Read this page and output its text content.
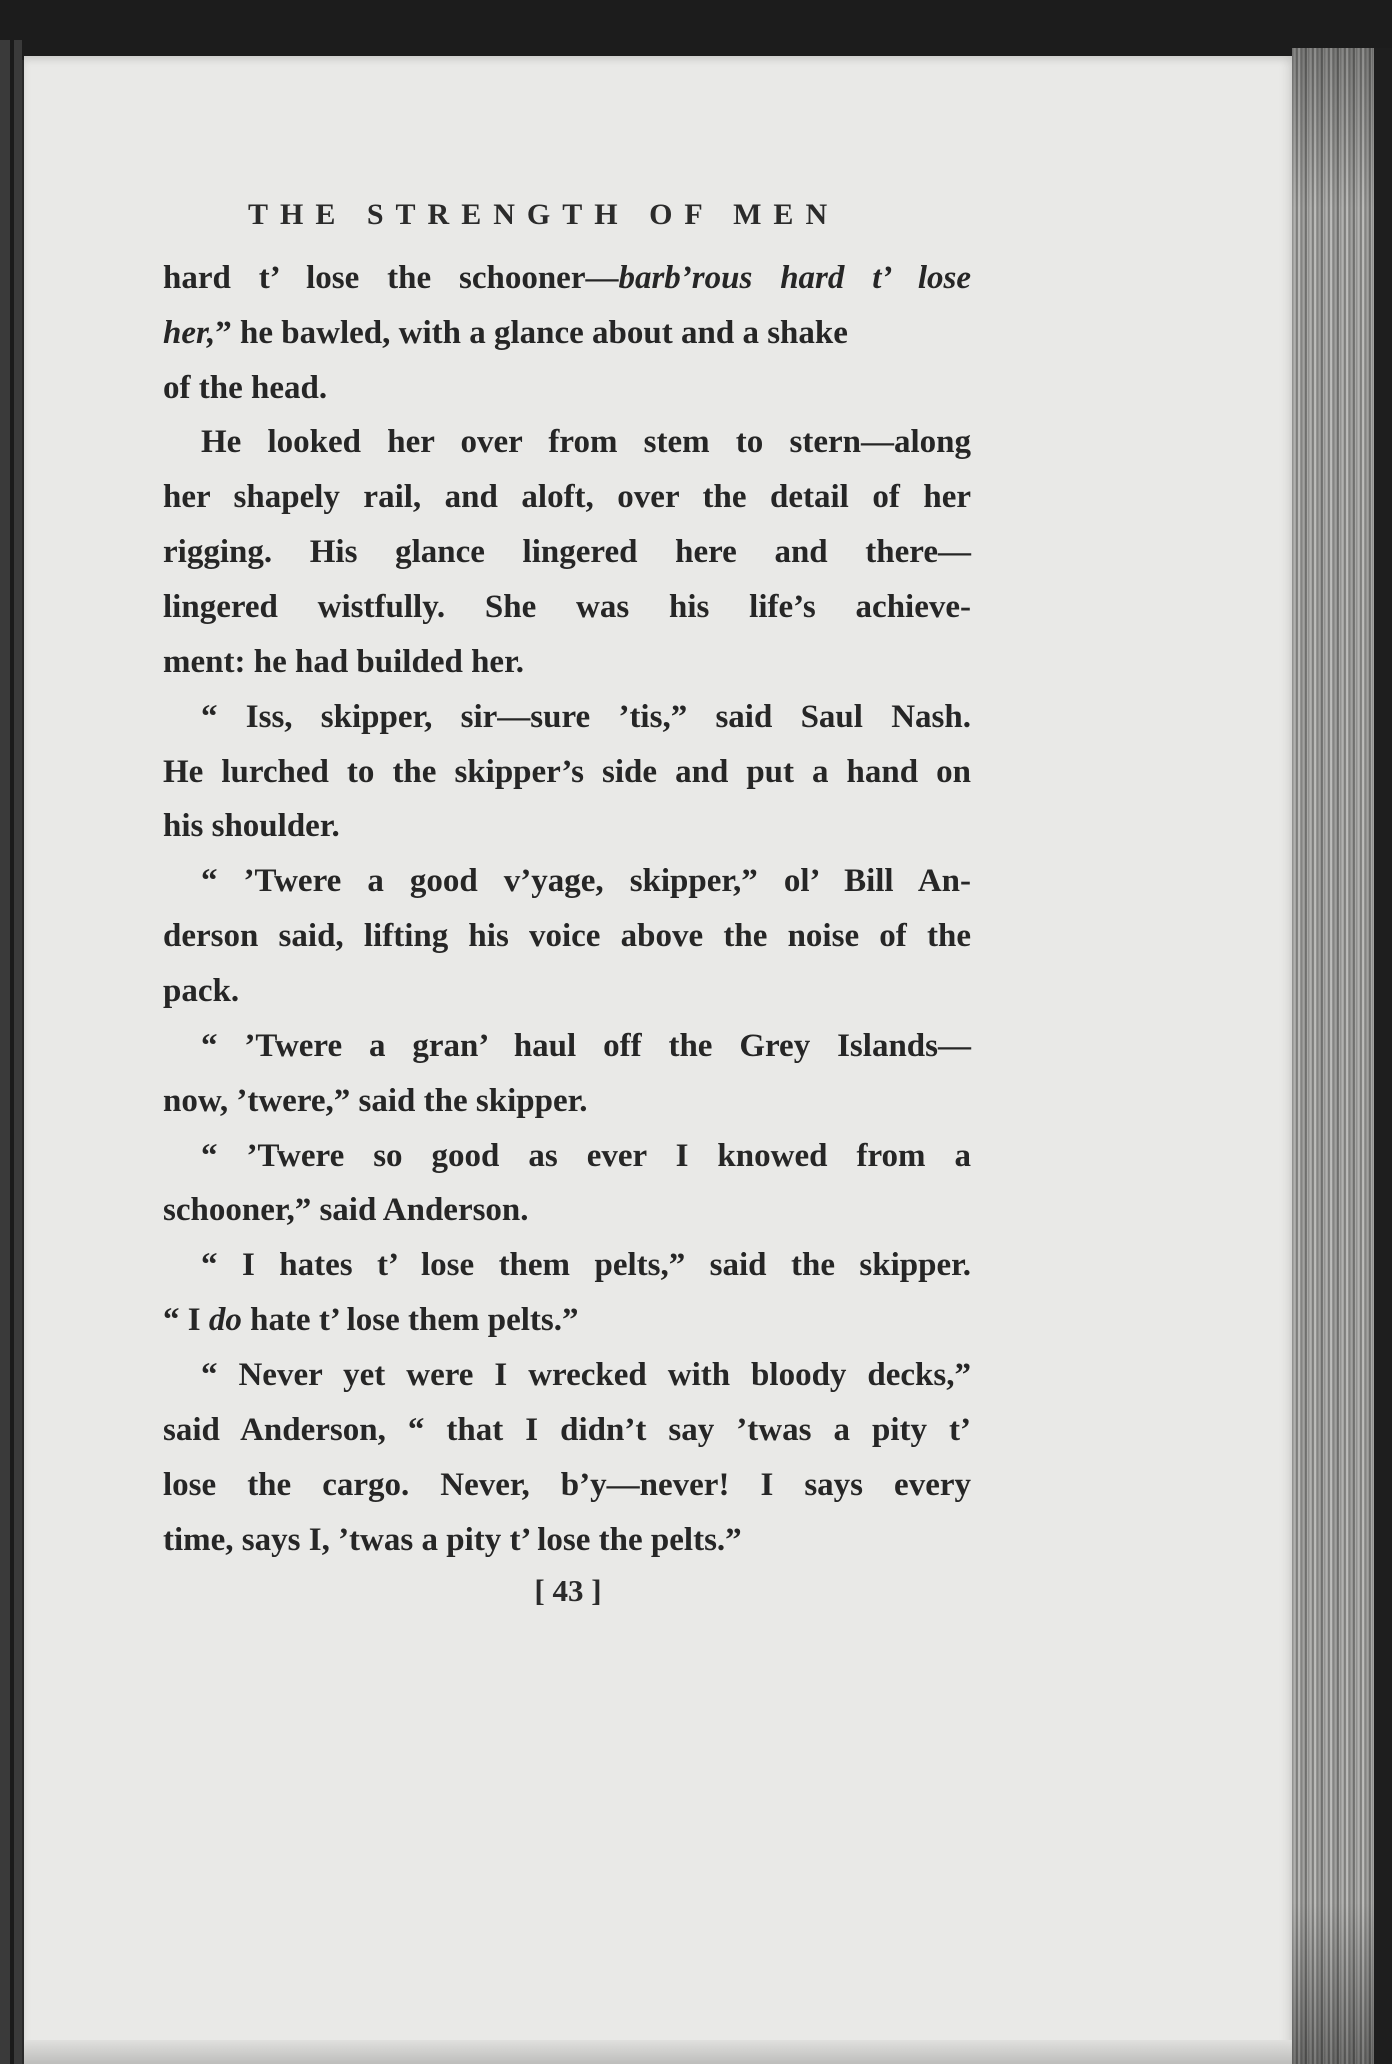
THE STRENGTH OF MEN
hard t’ lose the schooner—barb’rous hard t’ lose
her,” he bawled, with a glance about and a shake
of the head.
He looked her over from stem to stern—along
her shapely rail, and aloft, over the detail of her
rigging. His glance lingered here and there—
lingered wistfully. She was his life’s achieve-
ment: he had builded her.
“ Iss, skipper, sir—sure ’tis,” said Saul Nash.
He lurched to the skipper’s side and put a hand on
his shoulder.
“ ’Twere a good v’yage, skipper,” ol’ Bill An-
derson said, lifting his voice above the noise of the
pack.
“ ’Twere a gran’ haul off the Grey Islands—
now, ’twere,” said the skipper.
“ ’Twere so good as ever I knowed from a
schooner,” said Anderson.
“ I hates t’ lose them pelts,” said the skipper.
“ I do hate t’ lose them pelts.”
“ Never yet were I wrecked with bloody decks,”
said Anderson, “ that I didn’t say ’twas a pity t’
lose the cargo. Never, b’y—never! I says every
time, says I, ’twas a pity t’ lose the pelts.”
[ 43 ]
